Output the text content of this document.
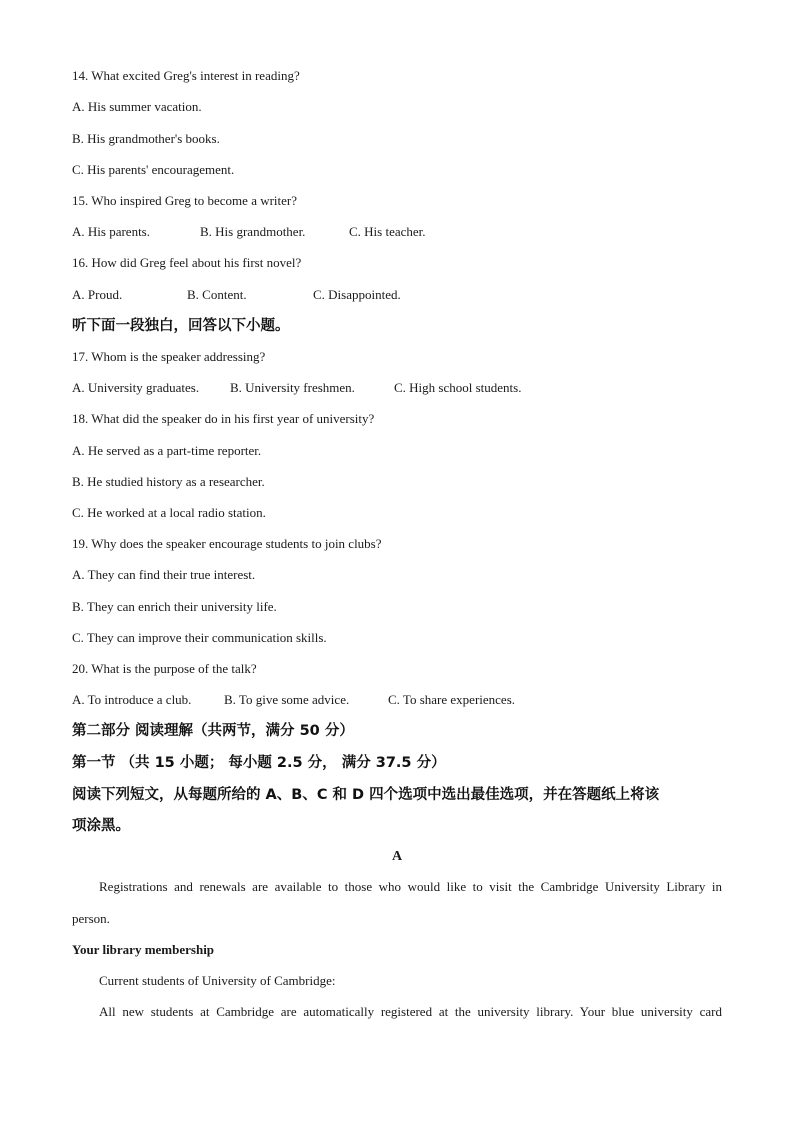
14. What excited Greg's interest in reading?
A. His summer vacation.
B. His grandmother's books.
C. His parents' encouragement.
15. Who inspired Greg to become a writer?
A. His parents.	B. His grandmother.	C. His teacher.
16. How did Greg feel about his first novel?
A. Proud.	B. Content.	C. Disappointed.
听下面一段独白，回答以下小题。
17. Whom is the speaker addressing?
A. University graduates. B. University freshmen.	C. High school students.
18. What did the speaker do in his first year of university?
A. He served as a part-time reporter.
B. He studied history as a researcher.
C. He worked at a local radio station.
19. Why does the speaker encourage students to join clubs?
A. They can find their true interest.
B. They can enrich their university life.
C. They can improve their communication skills.
20. What is the purpose of the talk?
A. To introduce a club.	B. To give some advice.	C. To share experiences.
第二部分 阅读理解（共两节，满分 50 分）
第一节 （共 15 小题； 每小题 2.5 分， 满分 37.5 分）
阅读下列短文，从每题所给的 A、B、C 和 D 四个选项中选出最佳选项，并在答题纸上将该
项涂黑。
A
Registrations and renewals are available to those who would like to visit the Cambridge University Library in
person.
Your library membership
Current students of University of Cambridge:
All new students at Cambridge are automatically registered at the university library. Your blue university card
